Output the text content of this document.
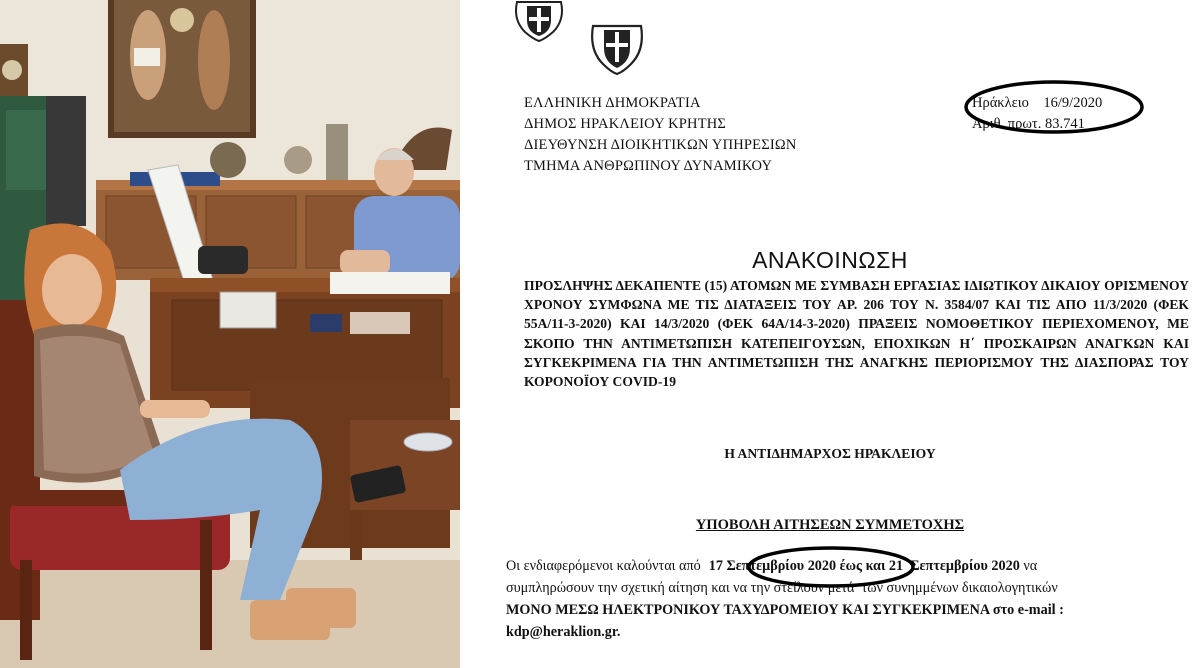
ΕΛΛΗΝΙΚΗ ΔΗΜΟΚΡΑΤΙΑ
ΔΗΜΟΣ ΗΡΑΚΛΕΙΟΥ ΚΡΗΤΗΣ
ΔΙΕΥΘΥΝΣΗ ΔΙΟΙΚΗΤΙΚΩΝ ΥΠΗΡΕΣΙΩΝ
ΤΜΗΜΑ ΑΝΘΡΩΠΙΝΟΥ ΔΥΝΑΜΙΚΟΥ
Ηράκλειο    16/9/2020
Αριθ. πρωτ. 83.741
ΑΝΑΚΟΙΝΩΣΗ
ΠΡΟΣΛΗΨΗΣ ΔΕΚΑΠΕΝΤΕ (15) ΑΤΟΜΩΝ ΜΕ ΣΥΜΒΑΣΗ ΕΡΓΑΣΙΑΣ ΙΔΙΩΤΙΚΟΥ ΔΙΚΑΙΟΥ ΟΡΙΣΜΕΝΟΥ ΧΡΟΝΟΥ ΣΥΜΦΩΝΑ ΜΕ ΤΙΣ ΔΙΑΤΑΞΕΙΣ ΤΟΥ ΑΡ. 206 ΤΟΥ Ν. 3584/07 ΚΑΙ ΤΙΣ ΑΠΟ 11/3/2020 (ΦΕΚ 55Α/11-3-2020) ΚΑΙ 14/3/2020 (ΦΕΚ 64Α/14-3-2020) ΠΡΑΞΕΙΣ ΝΟΜΟΘΕΤΙΚΟΥ ΠΕΡΙΕΧΟΜΕΝΟΥ, ΜΕ ΣΚΟΠΟ ΤΗΝ ΑΝΤΙΜΕΤΩΠΙΣΗ ΚΑΤΕΠΕΙΓΟΥΣΩΝ, ΕΠΟΧΙΚΩΝ Η΄ ΠΡΟΣΚΑΙΡΩΝ ΑΝΑΓΚΩΝ ΚΑΙ ΣΥΓΚΕΚΡΙΜΕΝΑ ΓΙΑ ΤΗΝ ΑΝΤΙΜΕΤΩΠΙΣΗ ΤΗΣ ΑΝΑΓΚΗΣ ΠΕΡΙΟΡΙΣΜΟΥ ΤΗΣ ΔΙΑΣΠΟΡΑΣ ΤΟΥ ΚΟΡΟΝΟΪΟΥ COVID-19
Η ΑΝΤΙΔΗΜΑΡΧΟΣ ΗΡΑΚΛΕΙΟΥ
ΥΠΟΒΟΛΗ ΑΙΤΗΣΕΩΝ ΣΥΜΜΕΤΟΧΗΣ
Οι ενδιαφερόμενοι καλούνται από 17 Σεπτεμβρίου 2020 έως και 21  Σεπτεμβρίου 2020 να
συμπληρώσουν την σχετική αίτηση και να την στείλουν μετά  των συνημμένων δικαιολογητικών
ΜΟΝΟ ΜΕΣΩ ΗΛΕΚΤΡΟΝΙΚΟΥ ΤΑΧΥΔΡΟΜΕΙΟΥ ΚΑΙ ΣΥΓΚΕΚΡΙΜΕΝΑ στο e-mail :
kdp@heraklion.gr.
